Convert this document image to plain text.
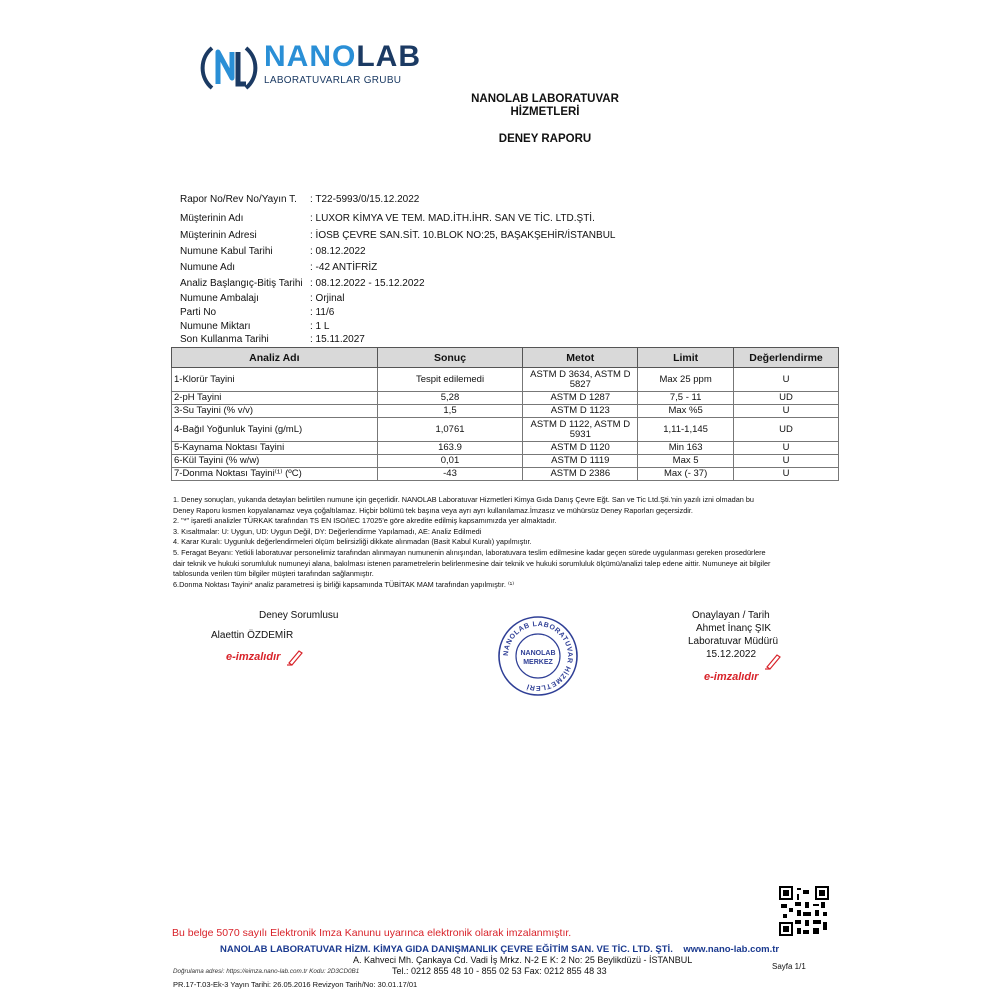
NANOLAB
LABORATUVARLAR GRUBU
NANOLAB LABORATUVAR
HİZMETLERİ
DENEY RAPORU
Rapor No/Rev No/Yayın T.	: T22-5993/0/15.12.2022
Müşterinin Adı	: LUXOR KİMYA VE TEM. MAD.İTH.İHR. SAN VE TİC. LTD.ŞTİ.
Müşterinin Adresi	: İOSB ÇEVRE SAN.SİT. 10.BLOK NO:25, BAŞAKŞEHİR/İSTANBUL
Numune Kabul Tarihi	: 08.12.2022
Numune Adı	: -42 ANTİFRİZ
Analiz Başlangıç-Bitiş Tarihi : 08.12.2022 - 15.12.2022
Numune Ambalajı	: Orjinal
Parti No	: 11/6
Numune Miktarı	: 1 L
Son Kullanma Tarihi	: 15.11.2027
Analiz Adı	Sonuç	Metot	Limit	Değerlendirme
1-Klorür Tayini	Tespit edilemedi	ASTM D 3634, ASTM D 5827	Max 25 ppm	U
2-pH Tayini	5,28	ASTM D 1287	7,5 - 11	UD
3-Su Tayini (% v/v)	1,5	ASTM D 1123	Max %5	U
4-Bağıl Yoğunluk Tayini (g/mL)	1,0761	ASTM D 1122, ASTM D 5931	1,11-1,145	UD
5-Kaynama Noktası Tayini	163.9	ASTM D 1120	Min 163	U
6-Kül Tayini (% w/w)	0,01	ASTM D 1119	Max 5	U
7-Donma Noktası Tayini⁽¹⁾ (ºC)	-43	ASTM D 2386	Max (- 37)	U
1. Deney sonuçları, yukarıda detayları belirtilen numune için geçerlidir. NANOLAB Laboratuvar Hizmetleri Kimya Gıda Danış Çevre Eğt. San ve Tic Ltd.Şti.'nin yazılı izni olmadan bu
Deney Raporu kısmen kopyalanamaz veya çoğaltılamaz. Hiçbir bölümü tek başına veya ayrı ayrı kullanılamaz.İmzasız ve mühürsüz Deney Raporları geçersizdir.
2. "*" işaretli analizler TÜRKAK tarafından TS EN ISO/IEC 17025'e göre akredite edilmiş kapsamımızda yer almaktadır.
3. Kısaltmalar: U: Uygun, UD: Uygun Değil, DY: Değerlendirme Yapılamadı, AE: Analiz Edilmedi
4. Karar Kuralı: Uygunluk değerlendirmeleri ölçüm belirsizliği dikkate alınmadan (Basit Kabul Kuralı) yapılmıştır.
5. Feragat Beyanı: Yetkili laboratuvar personelimiz tarafından alınmayan numunenin alınışından, laboratuvara teslim edilmesine kadar geçen sürede uygulanması gereken prosedürlere
dair teknik ve hukuki sorumluluk numuneyi alana, bakılması istenen parametrelerin belirlenmesine dair teknik ve hukuki sorumluluk ölçümü/analizi talep edene aittir. Numuneye ait bilgiler
tablosunda verilen tüm bilgiler müşteri tarafından sağlanmıştır.
6.Donma Noktası Tayini* analiz parametresi iş birliği kapsamında TÜBİTAK MAM tarafından yapılmıştır. ⁽¹⁾
Deney Sorumlusu
Alaettin ÖZDEMİR
e-imzalıdır	NANOLAB LABORATUVAR HİZMETLERİ
NANOLAB
MERKEZ
Onaylayan / Tarih
Ahmet İnanç ŞIK
Laboratuvar Müdürü
15.12.2022
e-imzalıdır
Bu belge 5070 sayılı Elektronik Imza Kanunu uyarınca elektronik olarak imzalanmıştır.
NANOLAB LABORATUVAR HİZM. KİMYA GIDA DANIŞMANLIK ÇEVRE EĞİTİM SAN. VE TİC. LTD. ŞTİ. www.nano-lab.com.tr
A. Kahveci Mh. Çankaya Cd. Vadi İş Mrkz. N-2 E K: 2 No: 25 Beylikdüzü - İSTANBUL
Tel.: 0212 855 48 10 - 855 02 53 Fax: 0212 855 48 33
Doğrulama adresi: https://eimza.nano-lab.com.tr Kodu: 2D3CD0B1
PR.17-T.03-Ek-3 Yayın Tarihi: 26.05.2016 Revizyon Tarih/No: 30.01.17/01
Sayfa 1/1
